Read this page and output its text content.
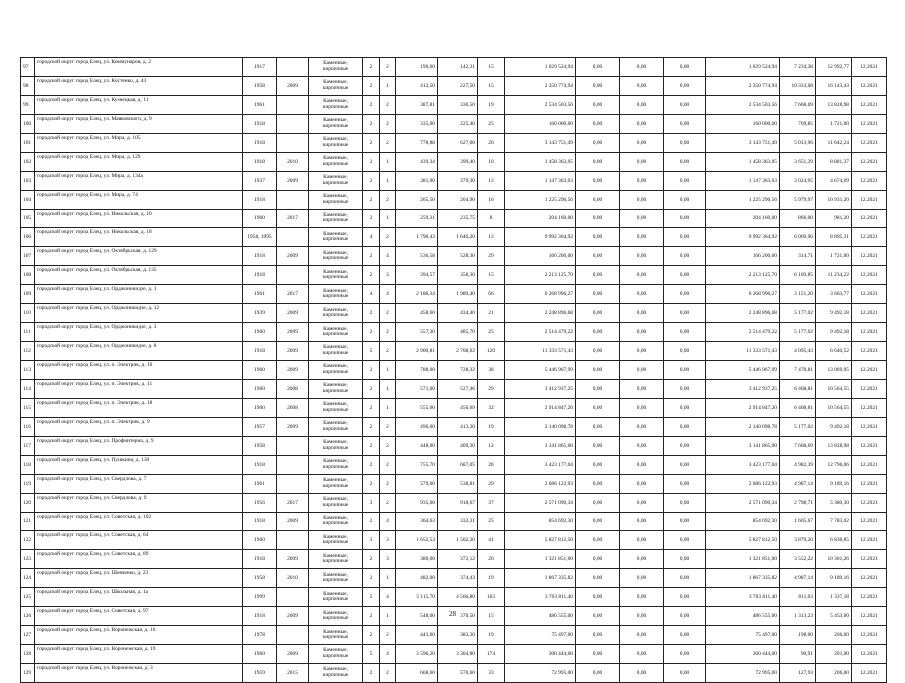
97	городской округ город Елец, ул. Коммунаров, д. 2	1917		Каменные, кирпичные	2	2	190,00	142,31	15	1 029 524,94	0,00	0,00	0,00	1 029 524,94	7 234,38	12 992,77	12.2021
98	городской округ город Елец, ул. Костенко, д. 43	1958	2009	Каменные, кирпичные	2	1	412,50	227,50	15	2 350 774,94	0,00	0,00	0,00	2 350 774,94	10 333,08	16 143,43	12.2021
99	городской округ город Елец, ул. Кузнецкая, д. 11	1961		Каменные, кирпичные	2	2	387,81	330,50	19	2 534 503,56	0,00	0,00	0,00	2 534 503,56	7 668,69	13 828,98	12.2021
100	городской округ город Елец, ул. Маяковского, д. 9	1918		Каменные, кирпичные	2	2	335,00	225,40	25	160 000,00	0,00	0,00	0,00	160 000,00	709,85	1 721,00	12.2021
101	городской округ город Елец, ул. Мира, д. 105	1918		Каменные, кирпичные	2	2	778,88	627,00	20	3 143 751,49	0,00	0,00	0,00	3 143 751,49	5 013,96	11 642,24	12.2021
102	городской округ город Елец, ул. Мира, д. 129	1918	2010	Каменные, кирпичные	2	1	439,34	399,40	10	1 458 363,05	0,00	0,00	0,00	1 458 363,05	3 651,39	8 881,37	12.2021
103	городской округ город Елец, ул. Мира, д. 134а	1937	2009	Каменные, кирпичные	2	1	381,00	379,30	13	1 147 363,03	0,00	0,00	0,00	1 147 363,03	3 024,95	4 674,09	12.2021
104	городской округ город Елец, ул. Мира, д. 74	1918		Каменные, кирпичные	2	2	265,50	204,90	16	1 225 296,56	0,00	0,00	0,00	1 225 296,56	5 979,97	10 931,20	12.2021
105	городской округ город Елец, ул. Никольская, д. 10	1960	2017	Каменные, кирпичные	2	1	259,31	235,75	8	204 160,00	0,00	0,00	0,00	204 160,00	866,00	981,20	12.2021
106	городской округ город Елец, ул. Никольская, д. 18	1958, 1995		Каменные, кирпичные	4	2	1 798,43	1 646,20	13	9 992 364,92	0,00	0,00	0,00	9 992 364,92	6 069,96	8 895,31	12.2021
107	городской округ город Елец, ул. Октябрьская, д. 129	1918	2009	Каменные, кирпичные	2	4	536,58	528,30	29	166 200,00	0,00	0,00	0,00	166 200,00	314,71	1 721,00	12.2021
108	городской округ город Елец, ул. Октябрьская, д. 135	1918		Каменные, кирпичные	2	3	394,57	358,30	15	2 213 125,70	0,00	0,00	0,00	2 213 125,70	6 169,85	11 234,22	12.2021
109	городской округ город Елец, ул. Орджоникидзе, д. 1	1961	2017	Каменные, кирпичные	4	4	2 188,34	1 989,40	66	6 268 996,27	0,00	0,00	0,00	6 268 996,27	3 151,20	3 663,77	12.2021
110	городской округ город Елец, ул. Орджоникидзе, д. 12	1939	2009	Каменные, кирпичные	2	2	458,60	434,40	21	2 248 896,68	0,00	0,00	0,00	2 248 896,68	5 177,02	9 492,18	12.2021
111	городской округ город Елец, ул. Орджоникидзе, д. 3	1960	2009	Каменные, кирпичные	2	2	557,30	485,70	25	2 514 479,22	0,00	0,00	0,00	2 514 479,22	5 177,02	9 492,18	12.2021
112	городской округ город Елец, ул. Орджоникидзе, д. 8	1918	2009	Каменные, кирпичные	5	2	2 900,81	2 768,02	120	11 333 571,43	0,00	0,00	0,00	11 333 571,43	4 095,43	6 640,52	12.2021
113	городской округ город Елец, ул. п. Электрик, д. 10	1960	2009	Каменные, кирпичные	2	1	788,00	728,32	38	5 446 967,99	0,00	0,00	0,00	5 446 967,99	7 478,81	13 069,95	12.2021
114	городской округ город Елец, ул. п. Электрик, д. 11	1960	2008	Каменные, кирпичные	2	1	571,00	527,46	29	3 412 937,25	0,00	0,00	0,00	3 412 937,25	6 468,81	10 564,55	12.2021
115	городской округ город Елец, ул. п. Электрик, д. 18	1960	2008	Каменные, кирпичные	2	1	555,00	450,69	32	2 914 847,20	0,00	0,00	0,00	2 914 847,20	6 468,81	10 564,55	12.2021
116	городской округ город Елец, ул. п. Электрик, д. 9	1957	2009	Каменные, кирпичные	2	2	496,00	413,30	19	2 140 098,78	0,00	0,00	0,00	2 140 098,78	5 177,02	9 492,18	12.2021
117	городской округ город Елец, ул. Профинтерна, д. 9	1958		Каменные, кирпичные	2	2	448,00	409,30	12	3 141 865,00	0,00	0,00	0,00	3 141 865,00	7 668,69	13 828,98	12.2021
118	городской округ город Елец, ул. Пушкина, д. 130	1918		Каменные, кирпичные	2	2	755,70	687,05	28	3 423 177,04	0,00	0,00	0,00	3 423 177,04	4 982,39	12 796,06	12.2021
119	городской округ город Елец, ул. Свердлова, д. 7	1961		Каменные, кирпичные	2	2	579,00	538,81	29	2 686 122,93	0,00	0,00	0,00	2 686 122,93	4 987,14	9 189,16	12.2021
120	городской округ город Елец, ул. Свердлова, д. 9	1956	2017	Каменные, кирпичные	3	2	935,00	918,67	37	2 571 090,34	0,00	0,00	0,00	2 571 090,34	2 798,71	5 380,30	12.2021
121	городской округ город Елец, ул. Советская, д. 102	1918	2009	Каменные, кирпичные	2	4	364,63	332,31	25	854 692,30	0,00	0,00	0,00	854 692,30	1 605,67	7 783,02	12.2021
122	городской округ город Елец, ул. Советская, д. 64	1960		Каменные, кирпичные	3	3	1 652,53	1 502,30	41	5 827 812,50	0,00	0,00	0,00	5 827 812,50	3 879,26	6 838,85	12.2021
123	городской округ город Елец, ул. Советская, д. 89	1918	2009	Каменные, кирпичные	2	3	380,00	372,12	20	1 321 851,00	0,00	0,00	0,00	1 321 851,00	3 552,22	10 301,26	12.2021
124	городской округ город Елец, ул. Шевченко, д. 23	1958	2010	Каменные, кирпичные	2	1	482,00	374,43	19	1 867 335,82	0,00	0,00	0,00	1 867 335,82	4 987,14	9 189,16	12.2021
125	городской округ город Елец, ул. Школьная, д. 1а	1999		Каменные, кирпичные	5	4	5 115,70	4 566,80	163	3 703 811,40	0,00	0,00	0,00	3 703 811,40	811,03	1 337,18	12.2021
126	городской округ город Елец, ул. Советская, д. 97	1918	2009	Каменные, кирпичные	2	1	548,00	370,50	15	486 555,00	0,00	0,00	0,00	486 555,00	1 313,23	5 453,00	12.2021
127	городской округ город Елец, ул. Воронежская, д. 16	1978		Каменные, кирпичные	2	2	443,00	383,30	19	75 497,00	0,00	0,00	0,00	75 497,00	198,00	206,00	12.2021
128	городской округ город Елец, ул. Воронежская, д. 19	1960	2009	Каменные, кирпичные	5	4	3 598,20	3 304,80	174	300 444,00	0,00	0,00	0,00	300 444,00	90,91	201,00	12.2021
129	городской округ город Елец, ул. Воронежская, д. 3	1959	2015	Каменные, кирпичные	2	2	668,60	570,60	33	72 995,00	0,00	0,00	0,00	72 995,00	127,93	206,00	12.2021
28
